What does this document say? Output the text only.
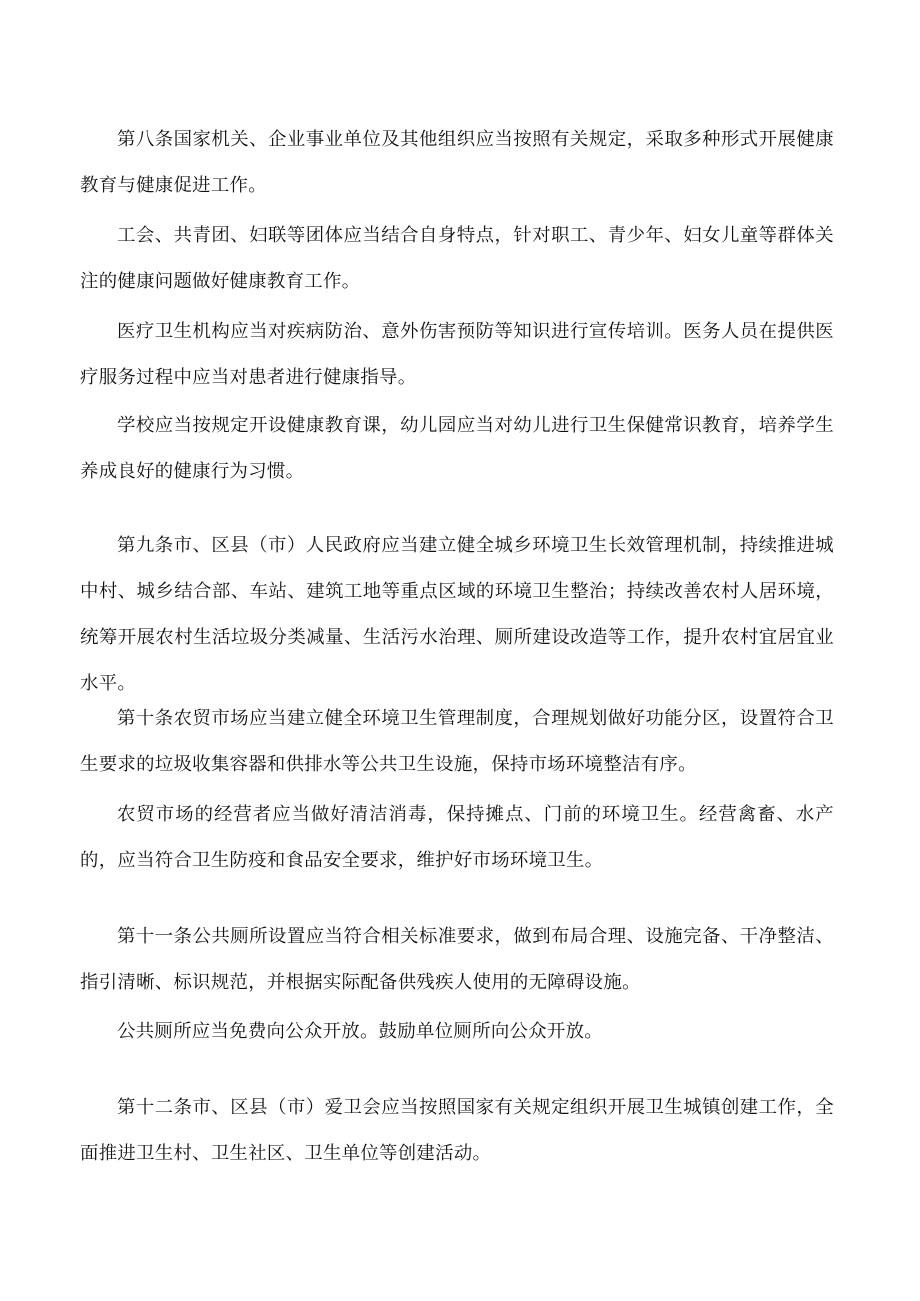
第八条国家机关、企业事业单位及其他组织应当按照有关规定，采取多种形式开展健康教育与健康促进工作。

工会、共青团、妇联等团体应当结合自身特点，针对职工、青少年、妇女儿童等群体关注的健康问题做好健康教育工作。

医疗卫生机构应当对疾病防治、意外伤害预防等知识进行宣传培训。医务人员在提供医疗服务过程中应当对患者进行健康指导。

学校应当按规定开设健康教育课，幼儿园应当对幼儿进行卫生保健常识教育，培养学生养成良好的健康行为习惯。

第九条市、区县（市）人民政府应当建立健全城乡环境卫生长效管理机制，持续推进城中村、城乡结合部、车站、建筑工地等重点区域的环境卫生整治；持续改善农村人居环境，统筹开展农村生活垃圾分类减量、生活污水治理、厕所建设改造等工作，提升农村宜居宜业水平。

第十条农贸市场应当建立健全环境卫生管理制度，合理规划做好功能分区，设置符合卫生要求的垃圾收集容器和供排水等公共卫生设施，保持市场环境整洁有序。

农贸市场的经营者应当做好清洁消毒，保持摊点、门前的环境卫生。经营禽畜、水产的，应当符合卫生防疫和食品安全要求，维护好市场环境卫生。

第十一条公共厕所设置应当符合相关标准要求，做到布局合理、设施完备、干净整洁、指引清晰、标识规范，并根据实际配备供残疾人使用的无障碍设施。

公共厕所应当免费向公众开放。鼓励单位厕所向公众开放。

第十二条市、区县（市）爱卫会应当按照国家有关规定组织开展卫生城镇创建工作，全面推进卫生村、卫生社区、卫生单位等创建活动。
